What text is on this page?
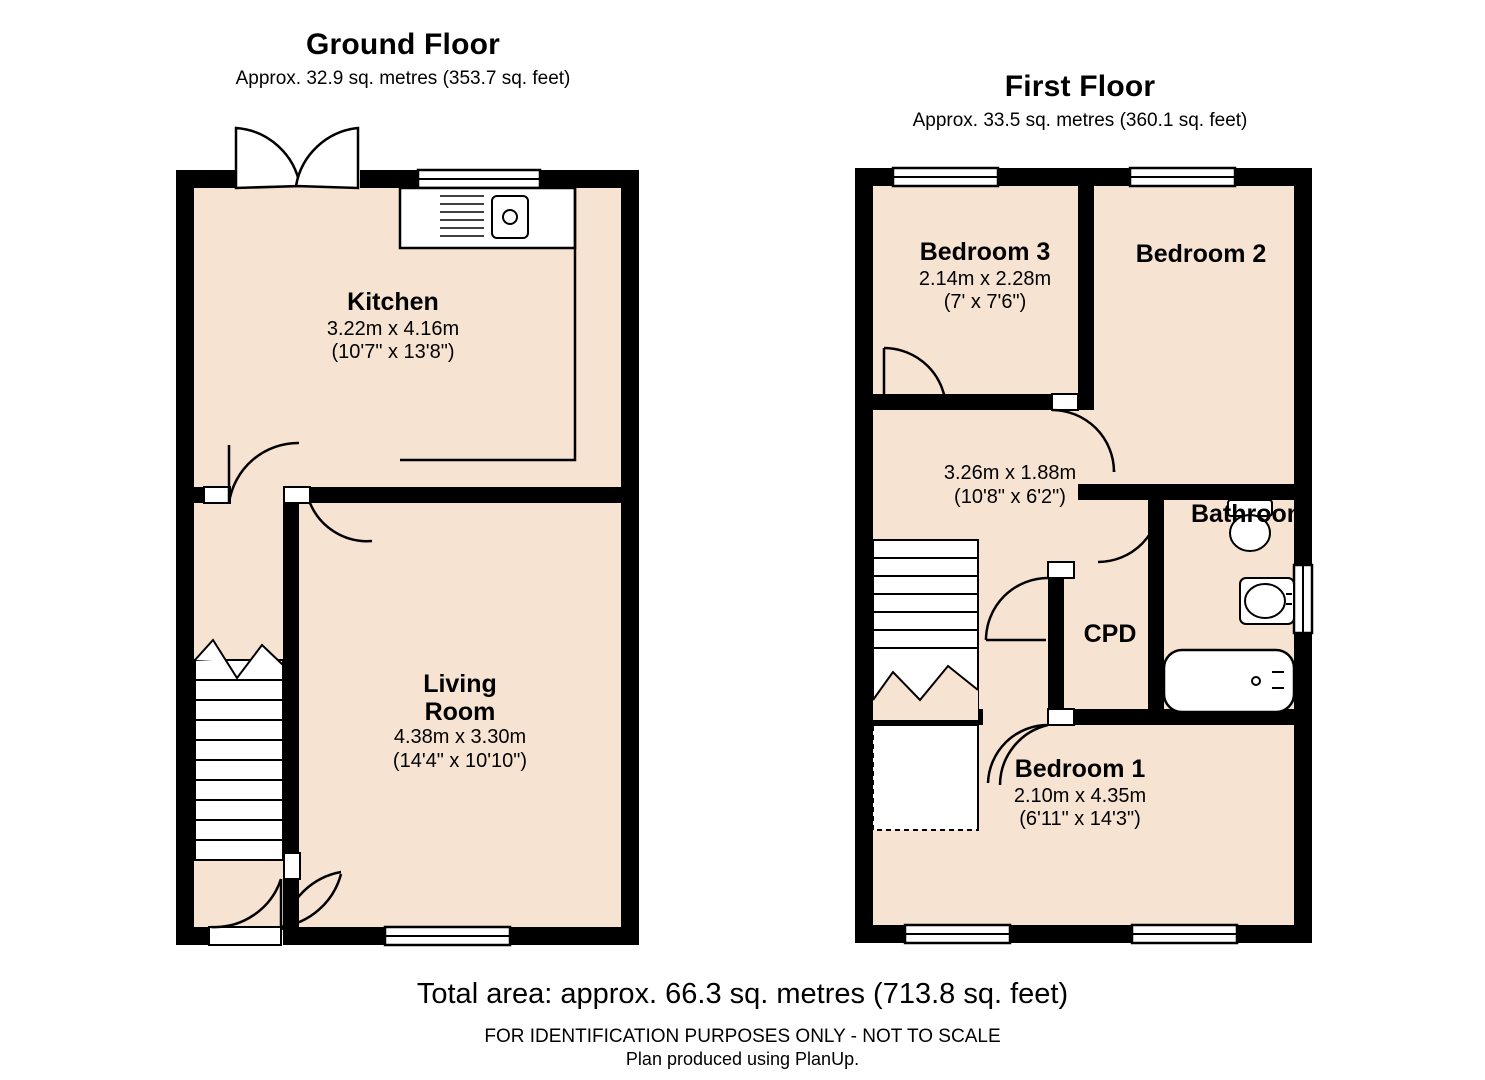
Ground Floor
Approx. 32.9 sq. metres (353.7 sq. feet)
Kitchen
3.22m x 4.16m
(10'7" x 13'8")
Living
Room
4.38m x 3.30m
(14'4" x 10'10")
First Floor
Approx. 33.5 sq. metres (360.1 sq. feet)
Bedroom 3
2.14m x 2.28m
(7' x 7'6")
Bedroom 2
3.26m x 1.88m
(10'8" x 6'2")
Bathroom
CPD
Bedroom 1
2.10m x 4.35m
(6'11" x 14'3")
Total area: approx. 66.3 sq. metres (713.8 sq. feet)
FOR IDENTIFICATION PURPOSES ONLY - NOT TO SCALE
Plan produced using PlanUp.
